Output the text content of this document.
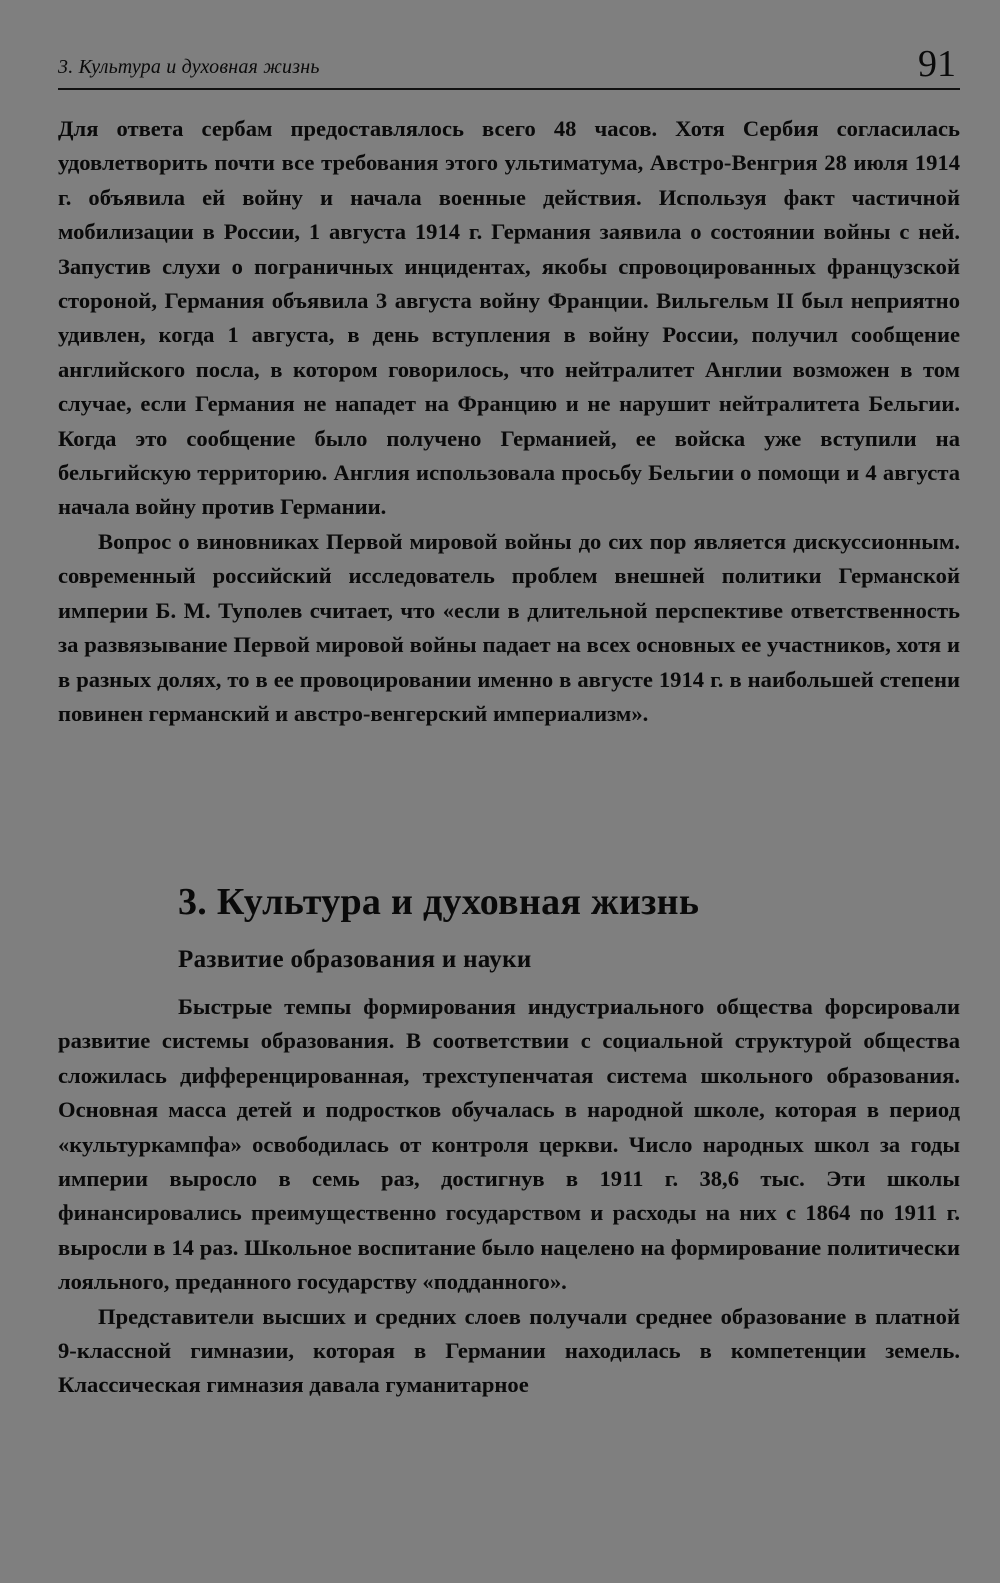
3. Культура и духовная жизнь	91

Для ответа сербам предоставлялось всего 48 часов. Хотя Сербия согласилась удовлетворить почти все требования этого ультиматума, Австро-Венгрия 28 июля 1914 г. объявила ей войну и начала военные действия. Используя факт частичной мобилизации в России, 1 августа 1914 г. Германия заявила о состоянии войны с ней. Запустив слухи о пограничных инцидентах, якобы спровоцированных французской стороной, Германия объявила 3 августа войну Франции. Вильгельм II был неприятно удивлен, когда 1 августа, в день вступления в войну России, получил сообщение английского посла, в котором говорилось, что нейтралитет Англии возможен в том случае, если Германия не нападет на Францию и не нарушит нейтралитета Бельгии. Когда это сообщение было получено Германией, ее войска уже вступили на бельгийскую территорию. Англия использовала просьбу Бельгии о помощи и 4 августа начала войну против Германии.

Вопрос о виновниках Первой мировой войны до сих пор является дискуссионным. современный российский исследователь проблем внешней политики Германской империи Б. М. Туполев считает, что «если в длительной перспективе ответственность за развязывание Первой мировой войны падает на всех основных ее участников, хотя и в разных долях, то в ее провоцировании именно в августе 1914 г. в наибольшей степени повинен германский и австро-венгерский империализм».

3. Культура и духовная жизнь
Развитие образования и науки

Быстрые темпы формирования индустриального общества форсировали развитие системы образования. В соответствии с социальной структурой общества сложилась дифференцированная, трехступенчатая система школьного образования. Основная масса детей и подростков обучалась в народной школе, которая в период «культуркампфа» освободилась от контроля церкви. Число народных школ за годы империи выросло в семь раз, достигнув в 1911 г. 38,6 тыс. Эти школы финансировались преимущественно государством и расходы на них с 1864 по 1911 г. выросли в 14 раз. Школьное воспитание было нацелено на формирование политически лояльного, преданного государству «подданного».

Представители высших и средних слоев получали среднее образование в платной 9-классной гимназии, которая в Германии находилась в компетенции земель. Классическая гимназия давала гуманитарное
